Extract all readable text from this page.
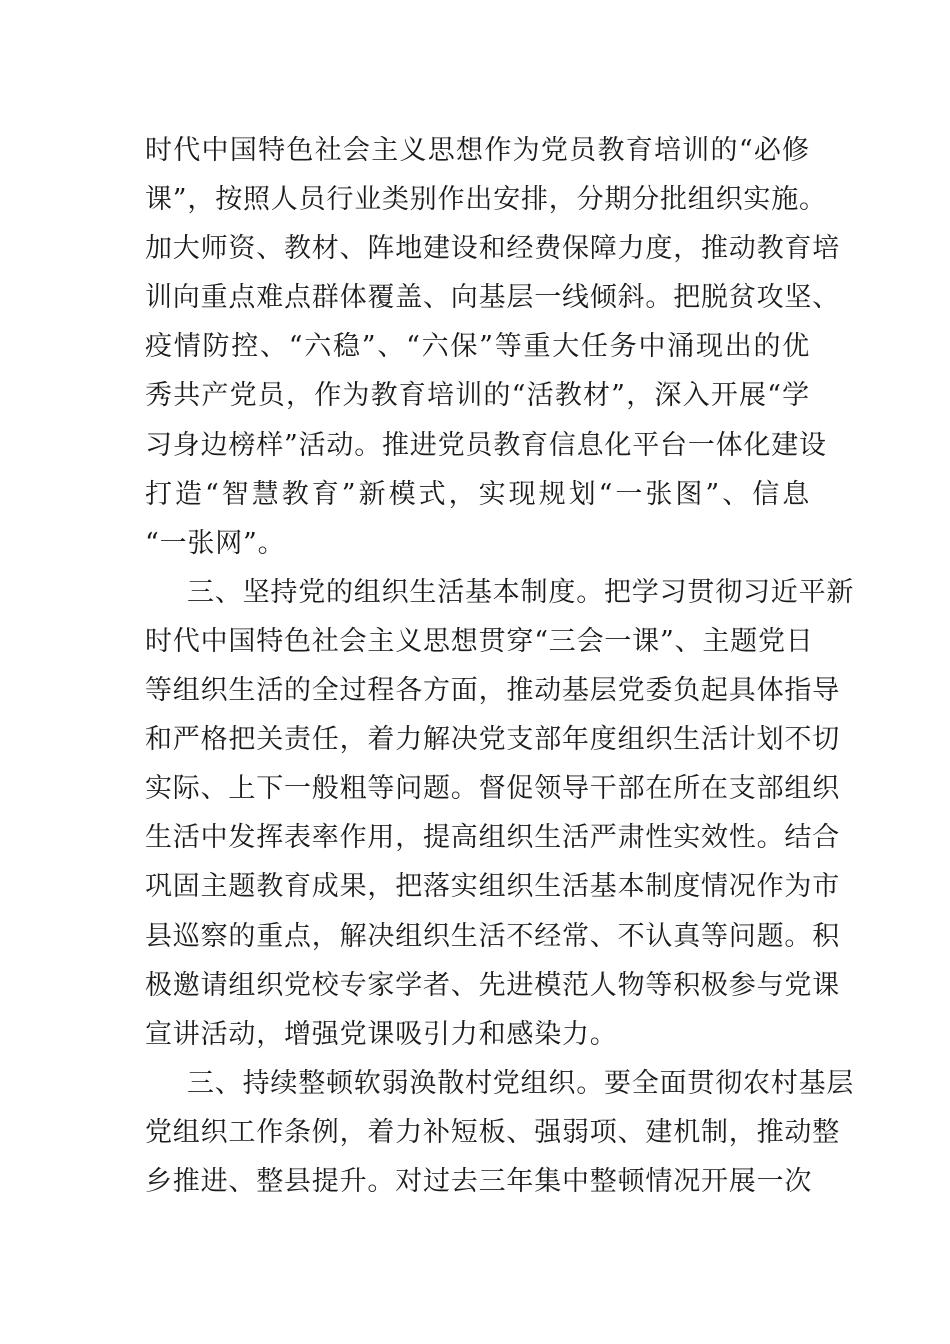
时代中国特色社会主义思想作为党员教育培训的“必修
课”，按照人员行业类别作出安排，分期分批组织实施。
加大师资、教材、阵地建设和经费保障力度，推动教育培
训向重点难点群体覆盖、向基层一线倾斜。把脱贫攻坚、
疫情防控、“六稳”、“六保”等重大任务中涌现出的优
秀共产党员，作为教育培训的“活教材”，深入开展“学
习身边榜样”活动。推进党员教育信息化平台一体化建设
打造“智慧教育”新模式，实现规划“一张图”、信息
“一张网”。
三、坚持党的组织生活基本制度。把学习贯彻习近平新
时代中国特色社会主义思想贯穿“三会一课”、主题党日
等组织生活的全过程各方面，推动基层党委负起具体指导
和严格把关责任，着力解决党支部年度组织生活计划不切
实际、上下一般粗等问题。督促领导干部在所在支部组织
生活中发挥表率作用，提高组织生活严肃性实效性。结合
巩固主题教育成果，把落实组织生活基本制度情况作为市
县巡察的重点，解决组织生活不经常、不认真等问题。积
极邀请组织党校专家学者、先进模范人物等积极参与党课
宣讲活动，增强党课吸引力和感染力。
三、持续整顿软弱涣散村党组织。要全面贯彻农村基层
党组织工作条例，着力补短板、强弱项、建机制，推动整
乡推进、整县提升。对过去三年集中整顿情况开展一次
